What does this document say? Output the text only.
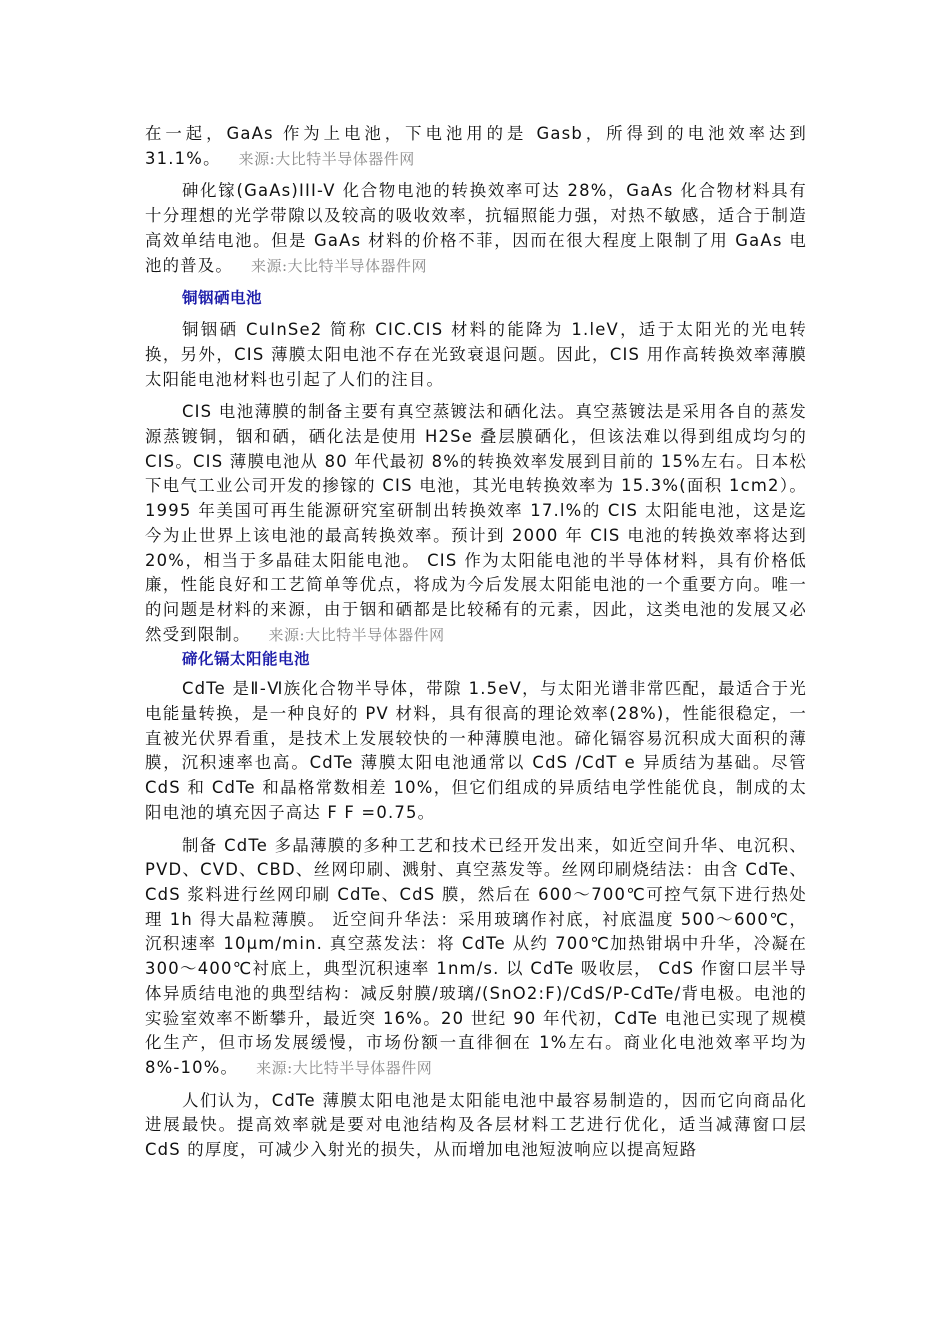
在一起，GaAs 作为上电池，下电池用的是 Gasb，所得到的电池效率达到 31.1%。 来源:大比特半导体器件网

砷化镓(GaAs)III-V 化合物电池的转换效率可达 28%，GaAs 化合物材料具有十分理想的光学带隙以及较高的吸收效率，抗辐照能力强，对热不敏感，适合于制造高效单结电池。但是 GaAs 材料的价格不菲，因而在很大程度上限制了用 GaAs 电池的普及。 来源:大比特半导体器件网

铜铟硒电池

铜铟硒 CuInSe2 简称 CIC.CIS 材料的能降为 1.leV，适于太阳光的光电转换，另外，CIS 薄膜太阳电池不存在光致衰退问题。因此，CIS 用作高转换效率薄膜太阳能电池材料也引起了人们的注目。

CIS 电池薄膜的制备主要有真空蒸镀法和硒化法。真空蒸镀法是采用各自的蒸发源蒸镀铜，铟和硒，硒化法是使用 H2Se 叠层膜硒化，但该法难以得到组成均匀的 CIS。CIS 薄膜电池从 80 年代最初 8%的转换效率发展到目前的 15%左右。日本松下电气工业公司开发的掺镓的 CIS 电池，其光电转换效率为 15.3%(面积 1cm2）。1995 年美国可再生能源研究室研制出转换效率 17.l%的 CIS 太阳能电池，这是迄今为止世界上该电池的最高转换效率。预计到 2000 年 CIS 电池的转换效率将达到 20%，相当于多晶硅太阳能电池。 CIS 作为太阳能电池的半导体材料，具有价格低廉，性能良好和工艺简单等优点，将成为今后发展太阳能电池的一个重要方向。唯一的问题是材料的来源，由于铟和硒都是比较稀有的元素，因此，这类电池的发展又必然受到限制。 来源:大比特半导体器件网

碲化镉太阳能电池

CdTe 是Ⅱ-Ⅵ族化合物半导体，带隙 1.5eV，与太阳光谱非常匹配，最适合于光电能量转换，是一种良好的 PV 材料，具有很高的理论效率(28%)，性能很稳定，一直被光伏界看重，是技术上发展较快的一种薄膜电池。碲化镉容易沉积成大面积的薄膜，沉积速率也高。CdTe 薄膜太阳电池通常以 CdS /CdT e 异质结为基础。尽管 CdS 和 CdTe 和晶格常数相差 10%，但它们组成的异质结电学性能优良，制成的太阳电池的填充因子高达 F F =0.75。

制备 CdTe 多晶薄膜的多种工艺和技术已经开发出来，如近空间升华、电沉积、PVD、CVD、CBD、丝网印刷、溅射、真空蒸发等。丝网印刷烧结法：由含 CdTe、CdS 浆料进行丝网印刷 CdTe、CdS 膜，然后在 600～700℃可控气氛下进行热处理 1h 得大晶粒薄膜。 近空间升华法：采用玻璃作衬底，衬底温度 500～600℃，沉积速率 10μm/min. 真空蒸发法：将 CdTe 从约 700℃加热钳埚中升华，冷凝在 300～400℃衬底上，典型沉积速率 1nm/s. 以 CdTe 吸收层， CdS 作窗口层半导体异质结电池的典型结构：减反射膜/玻璃/(SnO2:F)/CdS/P-CdTe/背电极。电池的实验室效率不断攀升，最近突 16%。20 世纪 90 年代初，CdTe 电池已实现了规模化生产，但市场发展缓慢，市场份额一直徘徊在 1%左右。商业化电池效率平均为 8%-10%。 来源:大比特半导体器件网

人们认为，CdTe 薄膜太阳电池是太阳能电池中最容易制造的，因而它向商品化进展最快。提高效率就是要对电池结构及各层材料工艺进行优化，适当减薄窗口层 CdS 的厚度，可减少入射光的损失，从而增加电池短波响应以提高短路
